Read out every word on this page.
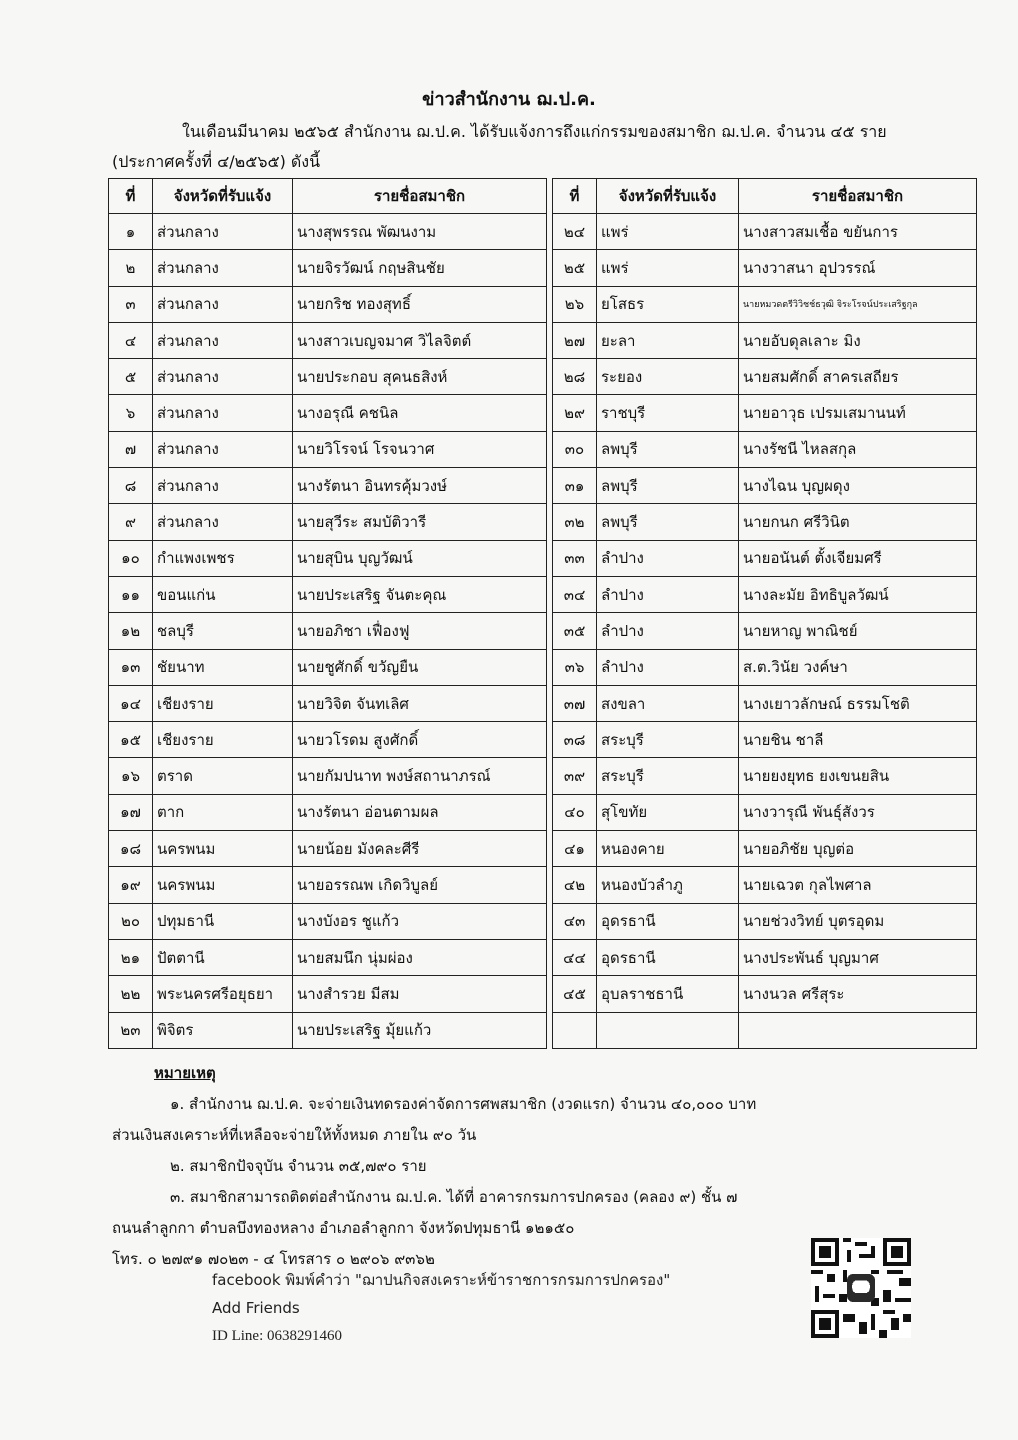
ข่าวสำนักงาน ฌ.ป.ค.
ในเดือนมีนาคม ๒๕๖๕ สำนักงาน ฌ.ป.ค. ได้รับแจ้งการถึงแก่กรรมของสมาชิก ฌ.ป.ค. จำนวน ๔๕ ราย
(ประกาศครั้งที่ ๔/๒๕๖๕) ดังนี้
ที่	จังหวัดที่รับแจ้ง	รายชื่อสมาชิก
๑	ส่วนกลาง	นางสุพรรณ พัฒนงาม
๒	ส่วนกลาง	นายจิรวัฒน์ กฤษสินชัย
๓	ส่วนกลาง	นายกริช ทองสุทธิ์
๔	ส่วนกลาง	นางสาวเบญจมาศ วิไลจิตต์
๕	ส่วนกลาง	นายประกอบ สุคนธสิงห์
๖	ส่วนกลาง	นางอรุณี คชนิล
๗	ส่วนกลาง	นายวิโรจน์ โรจนวาศ
๘	ส่วนกลาง	นางรัตนา อินทรคุ้มวงษ์
๙	ส่วนกลาง	นายสุวีระ สมบัติวารี
๑๐	กำแพงเพชร	นายสุบิน บุญวัฒน์
๑๑	ขอนแก่น	นายประเสริฐ จันตะคุณ
๑๒	ชลบุรี	นายอภิชา เฟื่องฟู
๑๓	ชัยนาท	นายชูศักดิ์ ขวัญยืน
๑๔	เชียงราย	นายวิจิต จันทเลิศ
๑๕	เชียงราย	นายวโรดม สูงศักดิ์
๑๖	ตราด	นายกัมปนาท พงษ์สถานาภรณ์
๑๗	ตาก	นางรัตนา อ่อนตามผล
๑๘	นครพนม	นายน้อย มังคละศีรี
๑๙	นครพนม	นายอรรณพ เกิดวิบูลย์
๒๐	ปทุมธานี	นางบังอร ชูแก้ว
๒๑	ปัตตานี	นายสมนึก นุ่มผ่อง
๒๒	พระนครศรีอยุธยา	นางสำรวย มีสม
๒๓	พิจิตร	นายประเสริฐ มุ้ยแก้ว
ที่	จังหวัดที่รับแจ้ง	รายชื่อสมาชิก
๒๔	แพร่	นางสาวสมเชื้อ ขยันการ
๒๕	แพร่	นางวาสนา อุปวรรณ์
๒๖	ยโสธร	นายหมวดตรีวิวิชช์ธวุฒิ จิระโรจน์ประเสริฐกุล
๒๗	ยะลา	นายอับดุลเลาะ มิง
๒๘	ระยอง	นายสมศักดิ์ สาครเสถียร
๒๙	ราชบุรี	นายอาวุธ เปรมเสมานนท์
๓๐	ลพบุรี	นางรัชนี ไหลสกุล
๓๑	ลพบุรี	นางไฉน บุญผดุง
๓๒	ลพบุรี	นายกนก ศรีวินิต
๓๓	ลำปาง	นายอนันต์ ตั้งเจียมศรี
๓๔	ลำปาง	นางละมัย อิทธิบูลวัฒน์
๓๕	ลำปาง	นายหาญ พาณิชย์
๓๖	ลำปาง	ส.ต.วินัย วงค์ษา
๓๗	สงขลา	นางเยาวลักษณ์ ธรรมโชติ
๓๘	สระบุรี	นายชิน ชาลี
๓๙	สระบุรี	นายยงยุทธ ยงเขนยสิน
๔๐	สุโขทัย	นางวารุณี พันธุ์สังวร
๔๑	หนองคาย	นายอภิชัย บุญต่อ
๔๒	หนองบัวลำภู	นายเฉวต กุลไพศาล
๔๓	อุดรธานี	นายช่วงวิทย์ บุตรอุดม
๔๔	อุดรธานี	นางประพันธ์ บุญมาศ
๔๕	อุบลราชธานี	นางนวล ศรีสุระ

หมายเหตุ
๑. สำนักงาน ฌ.ป.ค. จะจ่ายเงินทดรองค่าจัดการศพสมาชิก (งวดแรก) จำนวน ๔๐,๐๐๐ บาท
ส่วนเงินสงเคราะห์ที่เหลือจะจ่ายให้ทั้งหมด ภายใน ๙๐ วัน
๒. สมาชิกปัจจุบัน จำนวน ๓๕,๗๙๐ ราย
๓. สมาชิกสามารถติดต่อสำนักงาน ฌ.ป.ค. ได้ที่ อาคารกรมการปกครอง (คลอง ๙) ชั้น ๗
ถนนลำลูกกา ตำบลบึงทองหลาง อำเภอลำลูกกา จังหวัดปทุมธานี ๑๒๑๕๐
โทร. ๐ ๒๗๙๑ ๗๐๒๓ - ๔ โทรสาร ๐ ๒๙๐๖ ๙๓๖๒
facebook พิมพ์คำว่า "ฌาปนกิจสงเคราะห์ข้าราชการกรมการปกครอง"
Add Friends
ID Line: 0638291460
